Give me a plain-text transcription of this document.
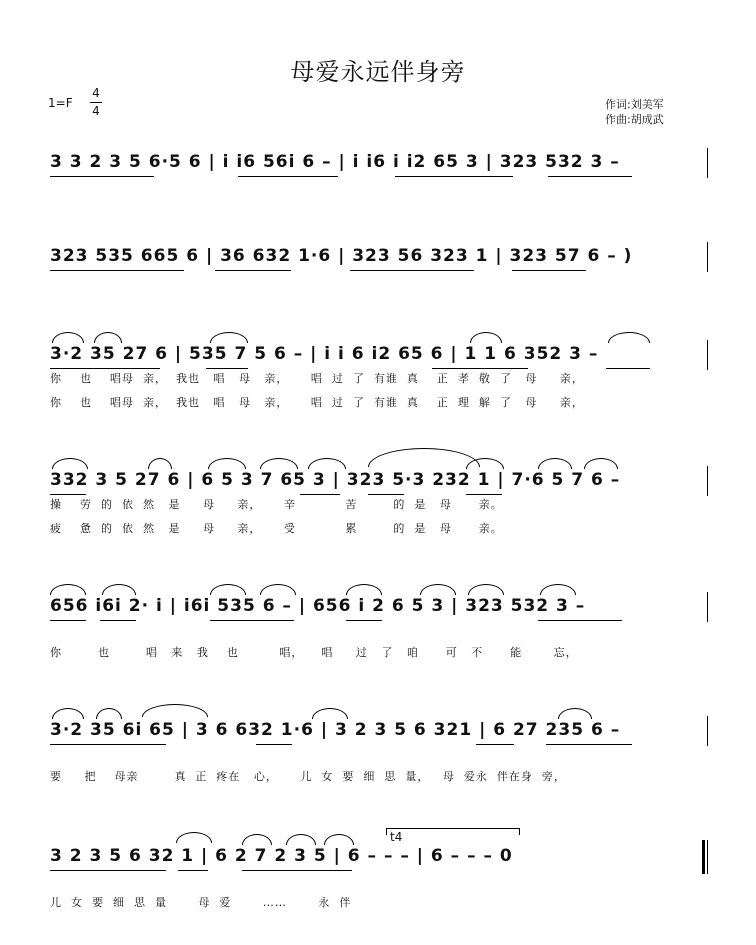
母爱永远伴身旁
1=F
4
4	作词:刘美军
作曲:胡成武
3 3 2 3 5 6·5 6 | i i6 56i 6 – | i i6 i i2 65 3 | 323 532 3 –
323 535 665 6 | 36 632 1·6 | 323 56 323 1 | 323 57 6 – )
3·2 35 27 6 | 535 7 5 6 – | i i 6 i2 65 6 | 1 1 6 352 3 –
你    也    唱母  亲，  我也   唱   母   亲，     唱  过  了  有谁  真    正  孝  敬  了   母     亲，
你    也    唱母  亲，  我也   唱   母   亲，     唱  过  了  有谁  真    正  理  解  了   母     亲，
332 3 5 27 6 | 6 5 3 7 65 3 | 323 5·3 232 1 | 7·6 5 7 6 –
操    劳  的  依  然   是     母     亲，     辛           苦        的  是   母      亲。
疲    惫  的  依  然   是     母     亲，     受           累        的  是   母      亲。
656 i6i 2· i | i6i 535 6 – | 656 i 2 6 5 3 | 323 532 3 –
你        也        唱   来   我    也         唱，    唱     过   了   咱      可   不      能       忘，
3·2 35 6i 65 | 3 6 632 1·6 | 3 2 3 5 6 321 | 6 27 235 6 –
要     把    母亲        真  正  疼在   心，     儿  女  要  细  思  量，   母  爱永  伴在身  旁，
t4
3 2 3 5 6 32 1 | 6 2 7 2 3 5 | 6 – – – | 6 – – – 0
儿  女  要  细  思  量       母  爱       ……       永  伴
